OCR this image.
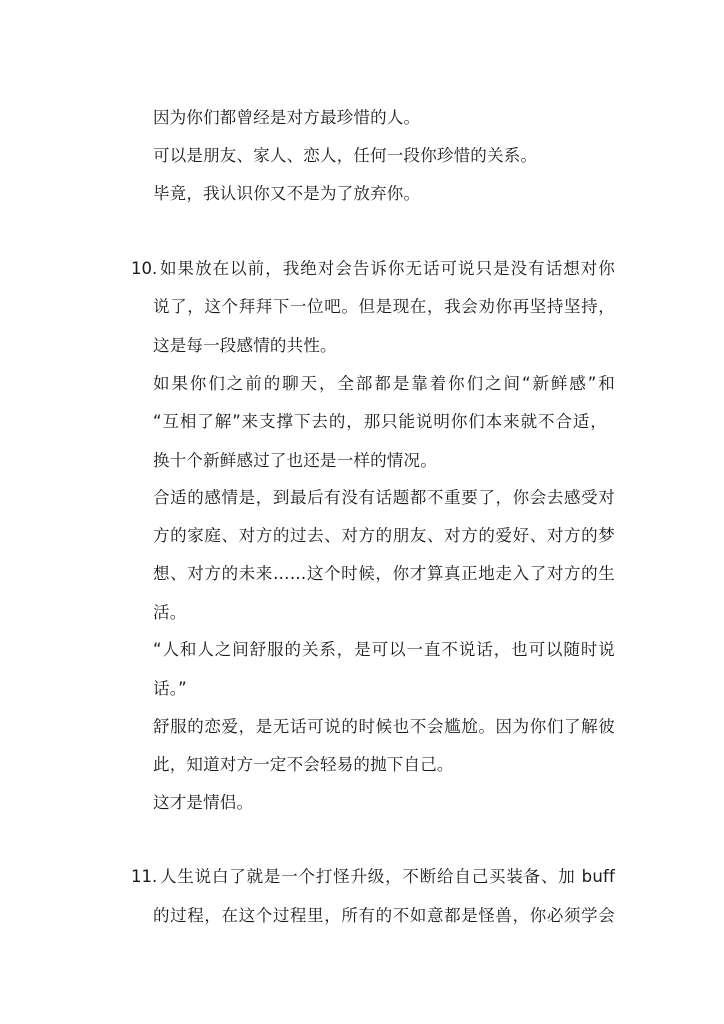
因为你们都曾经是对方最珍惜的人。
可以是朋友、家人、恋人，任何一段你珍惜的关系。
毕竟，我认识你又不是为了放弃你。
10. 如果放在以前，我绝对会告诉你无话可说只是没有话想对你
说了，这个拜拜下一位吧。但是现在，我会劝你再坚持坚持，
这是每一段感情的共性。
如果你们之前的聊天，全部都是靠着你们之间“新鲜感”和
“互相了解”来支撑下去的，那只能说明你们本来就不合适，
换十个新鲜感过了也还是一样的情况。
合适的感情是，到最后有没有话题都不重要了，你会去感受对
方的家庭、对方的过去、对方的朋友、对方的爱好、对方的梦
想、对方的未来……这个时候，你才算真正地走入了对方的生
活。
“人和人之间舒服的关系，是可以一直不说话，也可以随时说
话。”
舒服的恋爱，是无话可说的时候也不会尴尬。因为你们了解彼
此，知道对方一定不会轻易的抛下自己。
这才是情侣。
11. 人生说白了就是一个打怪升级，不断给自己买装备、加 buff
的过程，在这个过程里，所有的不如意都是怪兽，你必须学会
